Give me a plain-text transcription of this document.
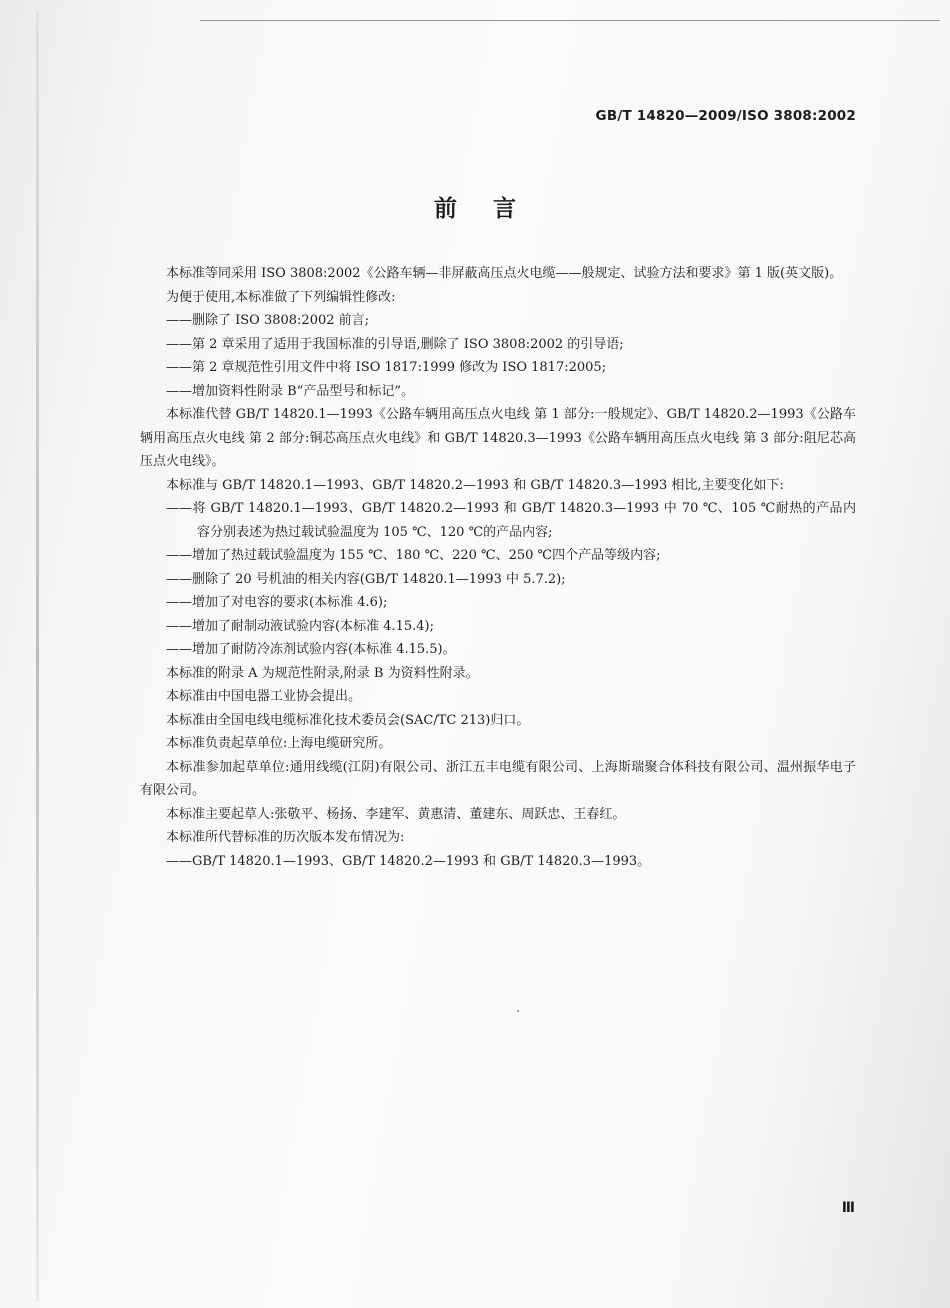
GB/T 14820—2009/ISO 3808:2002
前言

本标准等同采用 ISO 3808:2002《公路车辆—非屏蔽高压点火电缆——般规定、试验方法和要求》第 1 版(英文版)。

为便于使用,本标准做了下列编辑性修改:

——删除了 ISO 3808:2002 前言;

——第 2 章采用了适用于我国标准的引导语,删除了 ISO 3808:2002 的引导语;

——第 2 章规范性引用文件中将 ISO 1817:1999 修改为 ISO 1817:2005;

——增加资料性附录 B“产品型号和标记”。

本标准代替 GB/T 14820.1—1993《公路车辆用高压点火电线 第 1 部分:一般规定》、GB/T 14820.2—1993《公路车辆用高压点火电线 第 2 部分:铜芯高压点火电线》和 GB/T 14820.3—1993《公路车辆用高压点火电线 第 3 部分:阻尼芯高压点火电线》。

本标准与 GB/T 14820.1—1993、GB/T 14820.2—1993 和 GB/T 14820.3—1993 相比,主要变化如下:

——将 GB/T 14820.1—1993、GB/T 14820.2—1993 和 GB/T 14820.3—1993 中 70 ℃、105 ℃耐热的产品内容分别表述为热过载试验温度为 105 ℃、120 ℃的产品内容;

——增加了热过载试验温度为 155 ℃、180 ℃、220 ℃、250 ℃四个产品等级内容;

——删除了 20 号机油的相关内容(GB/T 14820.1—1993 中 5.7.2);

——增加了对电容的要求(本标准 4.6);

——增加了耐制动液试验内容(本标准 4.15.4);

——增加了耐防冷冻剂试验内容(本标准 4.15.5)。

本标准的附录 A 为规范性附录,附录 B 为资料性附录。

本标准由中国电器工业协会提出。

本标准由全国电线电缆标准化技术委员会(SAC/TC 213)归口。

本标准负责起草单位:上海电缆研究所。

本标准参加起草单位:通用线缆(江阴)有限公司、浙江五丰电缆有限公司、上海斯瑞聚合体科技有限公司、温州振华电子有限公司。

本标准主要起草人:张敬平、杨扬、李建军、黄惠清、董建东、周跃忠、王春红。

本标准所代替标准的历次版本发布情况为:

——GB/T 14820.1—1993、GB/T 14820.2—1993 和 GB/T 14820.3—1993。

Ⅲ
